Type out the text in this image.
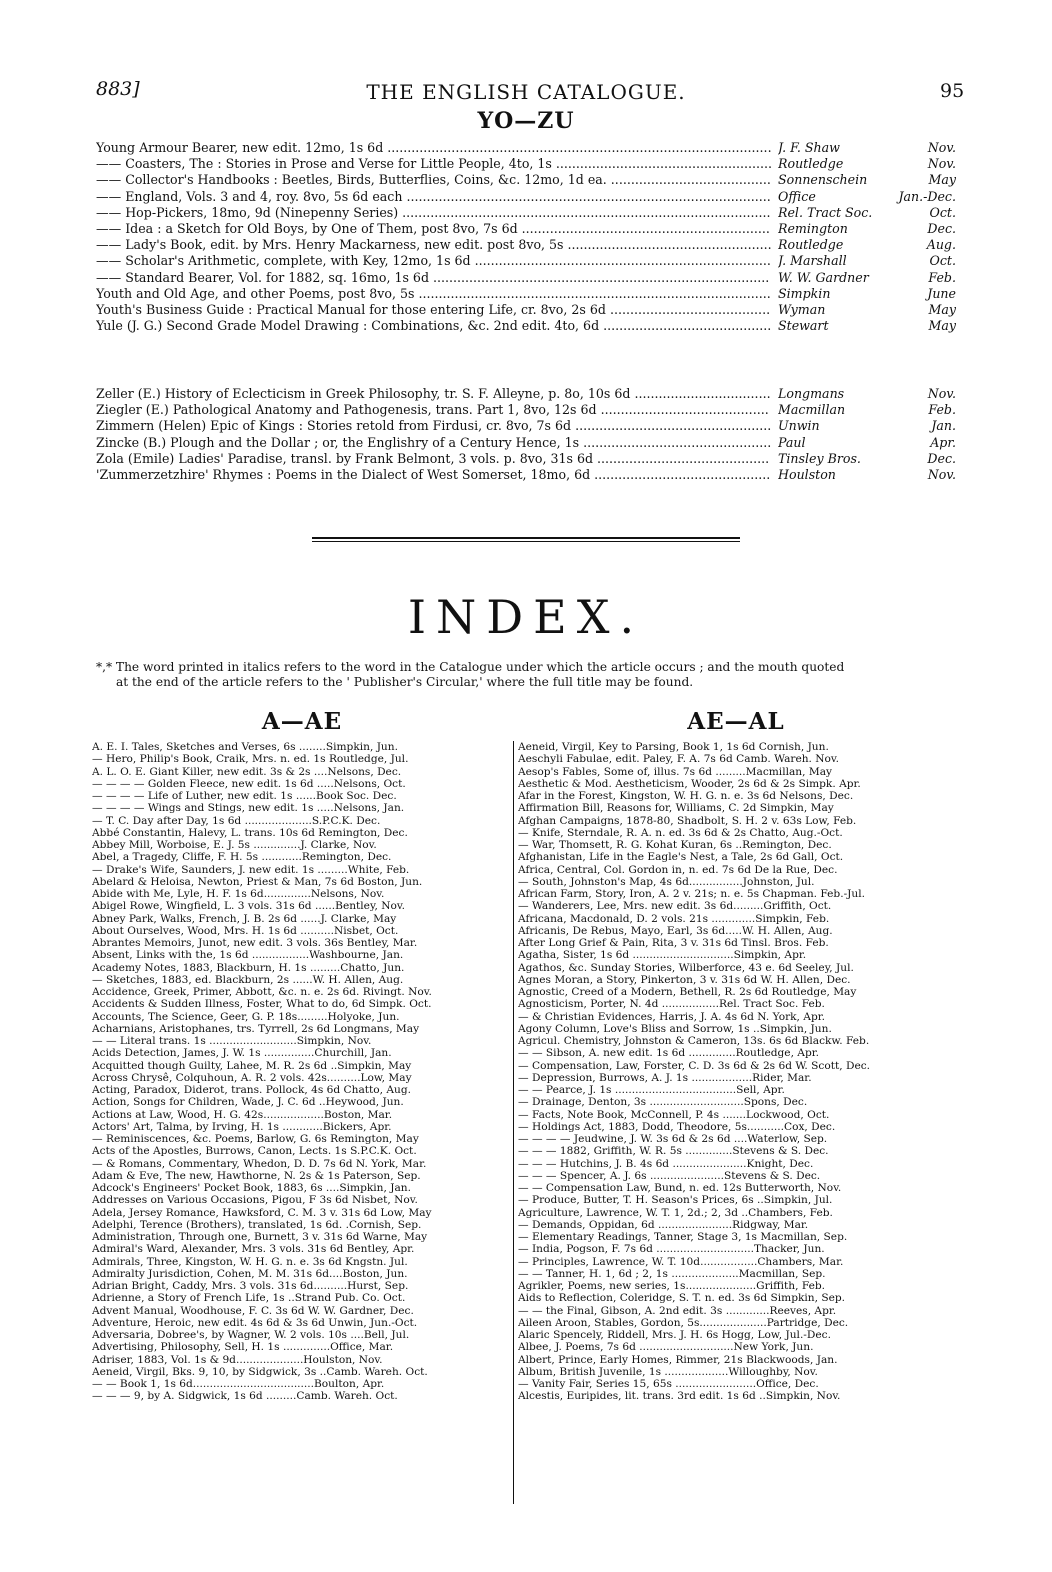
883]	THE ENGLISH CATALOGUE.	95
YO—ZU
Young Armour Bearer, new edit. 12mo, 1s 6d ................................................................................................ J. F. Shaw	Nov.
—— Coasters, The : Stories in Prose and Verse for Little People, 4to, 1s ...................................................... Routledge	Nov.
—— Collector's Handbooks : Beetles, Birds, Butterflies, Coins, &c. 12mo, 1d ea. ........................................ Sonnenschein	May
—— England, Vols. 3 and 4, roy. 8vo, 5s 6d each ........................................................................................... Office	Jan.-Dec.
—— Hop-Pickers, 18mo, 9d (Ninepenny Series) ............................................................................................ Rel. Tract Soc.	Oct.
—— Idea : a Sketch for Old Boys, by One of Them, post 8vo, 7s 6d .............................................................. Remington	Dec.
—— Lady's Book, edit. by Mrs. Henry Mackarness, new edit. post 8vo, 5s ................................................... Routledge	Aug.
—— Scholar's Arithmetic, complete, with Key, 12mo, 1s 6d .......................................................................... J. Marshall	Oct.
—— Standard Bearer, Vol. for 1882, sq. 16mo, 1s 6d .................................................................................... W. W. Gardner	Feb.
Youth and Old Age, and other Poems, post 8vo, 5s ........................................................................................ Simpkin	June
Youth's Business Guide : Practical Manual for those entering Life, cr. 8vo, 2s 6d ........................................ Wyman	May
Yule (J. G.) Second Grade Model Drawing : Combinations, &c. 2nd edit. 4to, 6d .......................................... Stewart	May
Zeller (E.) History of Eclecticism in Greek Philosophy, tr. S. F. Alleyne, p. 8o, 10s 6d .................................. Longmans	Nov.
Ziegler (E.) Pathological Anatomy and Pathogenesis, trans. Part 1, 8vo, 12s 6d .......................................... Macmillan	Feb.
Zimmern (Helen) Epic of Kings : Stories retold from Firdusi, cr. 8vo, 7s 6d ................................................. Unwin	Jan.
Zincke (B.) Plough and the Dollar ; or, the Englishry of a Century Hence, 1s ............................................... Paul	Apr.
Zola (Emile) Ladies' Paradise, transl. by Frank Belmont, 3 vols. p. 8vo, 31s 6d ........................................... Tinsley Bros.	Dec.
'Zummerzetzhire' Rhymes : Poems in the Dialect of West Somerset, 18mo, 6d ............................................ Houlston	Nov.
INDEX.
*,* The word printed in italics refers to the word in the Catalogue under which the article occurs ; and the mouth quoted
at the end of the article refers to the ' Publisher's Circular,' where the full title may be found.
A—AE	AE—AL
A. E. I. Tales, Sketches and Verses, 6s ........Simpkin, Jun.
— Hero, Philip's Book, Craik, Mrs. n. ed. 1s Routledge, Jul.
A. L. O. E. Giant Killer, new edit. 3s & 2s ....Nelsons, Dec.
— — — — Golden Fleece, new edit. 1s 6d .....Nelsons, Oct.
— — — — Life of Luther, new edit. 1s ......Book Soc. Dec.
— — — — Wings and Stings, new edit. 1s .....Nelsons, Jan.
— T. C. Day after Day, 1s 6d ....................S.P.C.K. Dec.
Abbé Constantin, Halevy, L. trans. 10s 6d Remington, Dec.
Abbey Mill, Worboise, E. J. 5s ..............J. Clarke, Nov.
Abel, a Tragedy, Cliffe, F. H. 5s ............Remington, Dec.
— Drake's Wife, Saunders, J. new edit. 1s .........White, Feb.
Abelard & Heloisa, Newton, Priest & Man, 7s 6d Boston, Jun.
Abide with Me, Lyle, H. F. 1s 6d..............Nelsons, Nov.
Abigel Rowe, Wingfield, L. 3 vols. 31s 6d ......Bentley, Nov.
Abney Park, Walks, French, J. B. 2s 6d ......J. Clarke, May
About Ourselves, Wood, Mrs. H. 1s 6d ..........Nisbet, Oct.
Abrantes Memoirs, Junot, new edit. 3 vols. 36s Bentley, Mar.
Absent, Links with the, 1s 6d .................Washbourne, Jan.
Academy Notes, 1883, Blackburn, H. 1s .........Chatto, Jun.
— Sketches, 1883, ed. Blackburn, 2s ......W. H. Allen, Aug.
Accidence, Greek, Primer, Abbott, &c. n. e. 2s 6d. Rivingt. Nov.
Accidents & Sudden Illness, Foster, What to do, 6d Simpk. Oct.
Accounts, The Science, Geer, G. P. 18s.........Holyoke, Jun.
Acharnians, Aristophanes, trs. Tyrrell, 2s 6d Longmans, May
— — Literal trans. 1s ..........................Simpkin, Nov.
Acids Detection, James, J. W. 1s ...............Churchill, Jan.
Acquitted though Guilty, Lahee, M. R. 2s 6d ..Simpkin, May
Across Chrysê, Colquhoun, A. R. 2 vols. 42s..........Low, May
Acting, Paradox, Diderot, trans. Pollock, 4s 6d Chatto, Aug.
Action, Songs for Children, Wade, J. C. 6d ..Heywood, Jun.
Actions at Law, Wood, H. G. 42s..................Boston, Mar.
Actors' Art, Talma, by Irving, H. 1s ............Bickers, Apr.
— Reminiscences, &c. Poems, Barlow, G. 6s Remington, May
Acts of the Apostles, Burrows, Canon, Lects. 1s S.P.C.K. Oct.
— & Romans, Commentary, Whedon, D. D. 7s 6d N. York, Mar.
Adam & Eve, The new, Hawthorne, N. 2s & 1s Paterson, Sep.
Adcock's Engineers' Pocket Book, 1883, 6s ....Simpkin, Jan.
Addresses on Various Occasions, Pigou, F 3s 6d Nisbet, Nov.
Adela, Jersey Romance, Hawksford, C. M. 3 v. 31s 6d Low, May
Adelphi, Terence (Brothers), translated, 1s 6d. .Cornish, Sep.
Administration, Through one, Burnett, 3 v. 31s 6d Warne, May
Admiral's Ward, Alexander, Mrs. 3 vols. 31s 6d Bentley, Apr.
Admirals, Three, Kingston, W. H. G. n. e. 3s 6d Kngstn. Jul.
Admiralty Jurisdiction, Cohen, M. M. 31s 6d....Boston, Jun.
Adrian Bright, Caddy, Mrs. 3 vols. 31s 6d..........Hurst, Sep.
Adrienne, a Story of French Life, 1s ..Strand Pub. Co. Oct.
Advent Manual, Woodhouse, F. C. 3s 6d W. W. Gardner, Dec.
Adventure, Heroic, new edit. 4s 6d & 3s 6d Unwin, Jun.-Oct.
Adversaria, Dobree's, by Wagner, W. 2 vols. 10s ....Bell, Jul.
Advertising, Philosophy, Sell, H. 1s ..............Office, Mar.
Adriser, 1883, Vol. 1s & 9d....................Houlston, Nov.
Aeneid, Virgil, Bks. 9, 10, by Sidgwick, 3s ..Camb. Wareh. Oct.
— — Book 1, 1s 6d....................................Boulton, Apr.
— — — 9, by A. Sidgwick, 1s 6d .........Camb. Wareh. Oct.
Aeneid, Virgil, Key to Parsing, Book 1, 1s 6d Cornish, Jun.
Aeschyli Fabulae, edit. Paley, F. A. 7s 6d Camb. Wareh. Nov.
Aesop's Fables, Some of, illus. 7s 6d .........Macmillan, May
Aesthetic & Mod. Aestheticism, Wooder, 2s 6d & 2s Simpk. Apr.
Afar in the Forest, Kingston, W. H. G. n. e. 3s 6d Nelsons, Dec.
Affirmation Bill, Reasons for, Williams, C. 2d Simpkin, May
Afghan Campaigns, 1878-80, Shadbolt, S. H. 2 v. 63s Low, Feb.
— Knife, Sterndale, R. A. n. ed. 3s 6d & 2s Chatto, Aug.-Oct.
— War, Thomsett, R. G. Kohat Kuran, 6s ..Remington, Dec.
Afghanistan, Life in the Eagle's Nest, a Tale, 2s 6d Gall, Oct.
Africa, Central, Col. Gordon in, n. ed. 7s 6d De la Rue, Dec.
— South, Johnston's Map, 4s 6d................Johnston, Jul.
African Farm, Story, Iron, A. 2 v. 21s; n. e. 5s Chapman. Feb.-Jul.
— Wanderers, Lee, Mrs. new edit. 3s 6d.........Griffith, Oct.
Africana, Macdonald, D. 2 vols. 21s .............Simpkin, Feb.
Africanis, De Rebus, Mayo, Earl, 3s 6d.....W. H. Allen, Aug.
After Long Grief & Pain, Rita, 3 v. 31s 6d Tinsl. Bros. Feb.
Agatha, Sister, 1s 6d ..............................Simpkin, Apr.
Agathos, &c. Sunday Stories, Wilberforce, 43 e. 6d Seeley, Jul.
Agnes Moran, a Story, Pinkerton, 3 v. 31s 6d W. H. Allen, Dec.
Agnostic, Creed of a Modern, Bethell, R. 2s 6d Routledge, May
Agnosticism, Porter, N. 4d .................Rel. Tract Soc. Feb.
— & Christian Evidences, Harris, J. A. 4s 6d N. York, Apr.
Agony Column, Love's Bliss and Sorrow, 1s ..Simpkin, Jun.
Agricul. Chemistry, Johnston & Cameron, 13s. 6s 6d Blackw. Feb.
— — Sibson, A. new edit. 1s 6d ..............Routledge, Apr.
— Compensation, Law, Forster, C. D. 3s 6d & 2s 6d W. Scott, Dec.
— Depression, Burrows, A. J. 1s ..................Rider, Mar.
— — Pearce, J. 1s ....................................Sell, Apr.
— Drainage, Denton, 3s ............................Spons, Dec.
— Facts, Note Book, McConnell, P. 4s .......Lockwood, Oct.
— Holdings Act, 1883, Dodd, Theodore, 5s...........Cox, Dec.
— — — — Jeudwine, J. W. 3s 6d & 2s 6d ....Waterlow, Sep.
— — — 1882, Griffith, W. R. 5s ..............Stevens & S. Dec.
— — — Hutchins, J. B. 4s 6d ......................Knight, Dec.
— — — Spencer, A. J. 6s ......................Stevens & S. Dec.
— — Compensation Law, Bund, n. ed. 12s Butterworth, Nov.
— Produce, Butter, T. H. Season's Prices, 6s ..Simpkin, Jul.
Agriculture, Lawrence, W. T. 1, 2d.; 2, 3d ..Chambers, Feb.
— Demands, Oppidan, 6d ......................Ridgway, Mar.
— Elementary Readings, Tanner, Stage 3, 1s Macmillan, Sep.
— India, Pogson, F. 7s 6d .............................Thacker, Jun.
— Principles, Lawrence, W. T. 10d.................Chambers, Mar.
— — Tanner, H. 1, 6d ; 2, 1s ....................Macmillan, Sep.
Agrikler, Poems, new series, 1s.....................Griffith, Feb.
Aids to Reflection, Coleridge, S. T. n. ed. 3s 6d Simpkin, Sep.
— — the Final, Gibson, A. 2nd edit. 3s .............Reeves, Apr.
Aileen Aroon, Stables, Gordon, 5s....................Partridge, Dec.
Alaric Spencely, Riddell, Mrs. J. H. 6s Hogg, Low, Jul.-Dec.
Albee, J. Poems, 7s 6d ............................New York, Jun.
Albert, Prince, Early Homes, Rimmer, 21s Blackwoods, Jan.
Album, British Juvenile, 1s ...................Willoughby, Nov.
— Vanity Fair, Series 15, 65s ........................Office, Dec.
Alcestis, Euripides, lit. trans. 3rd edit. 1s 6d ..Simpkin, Nov.
